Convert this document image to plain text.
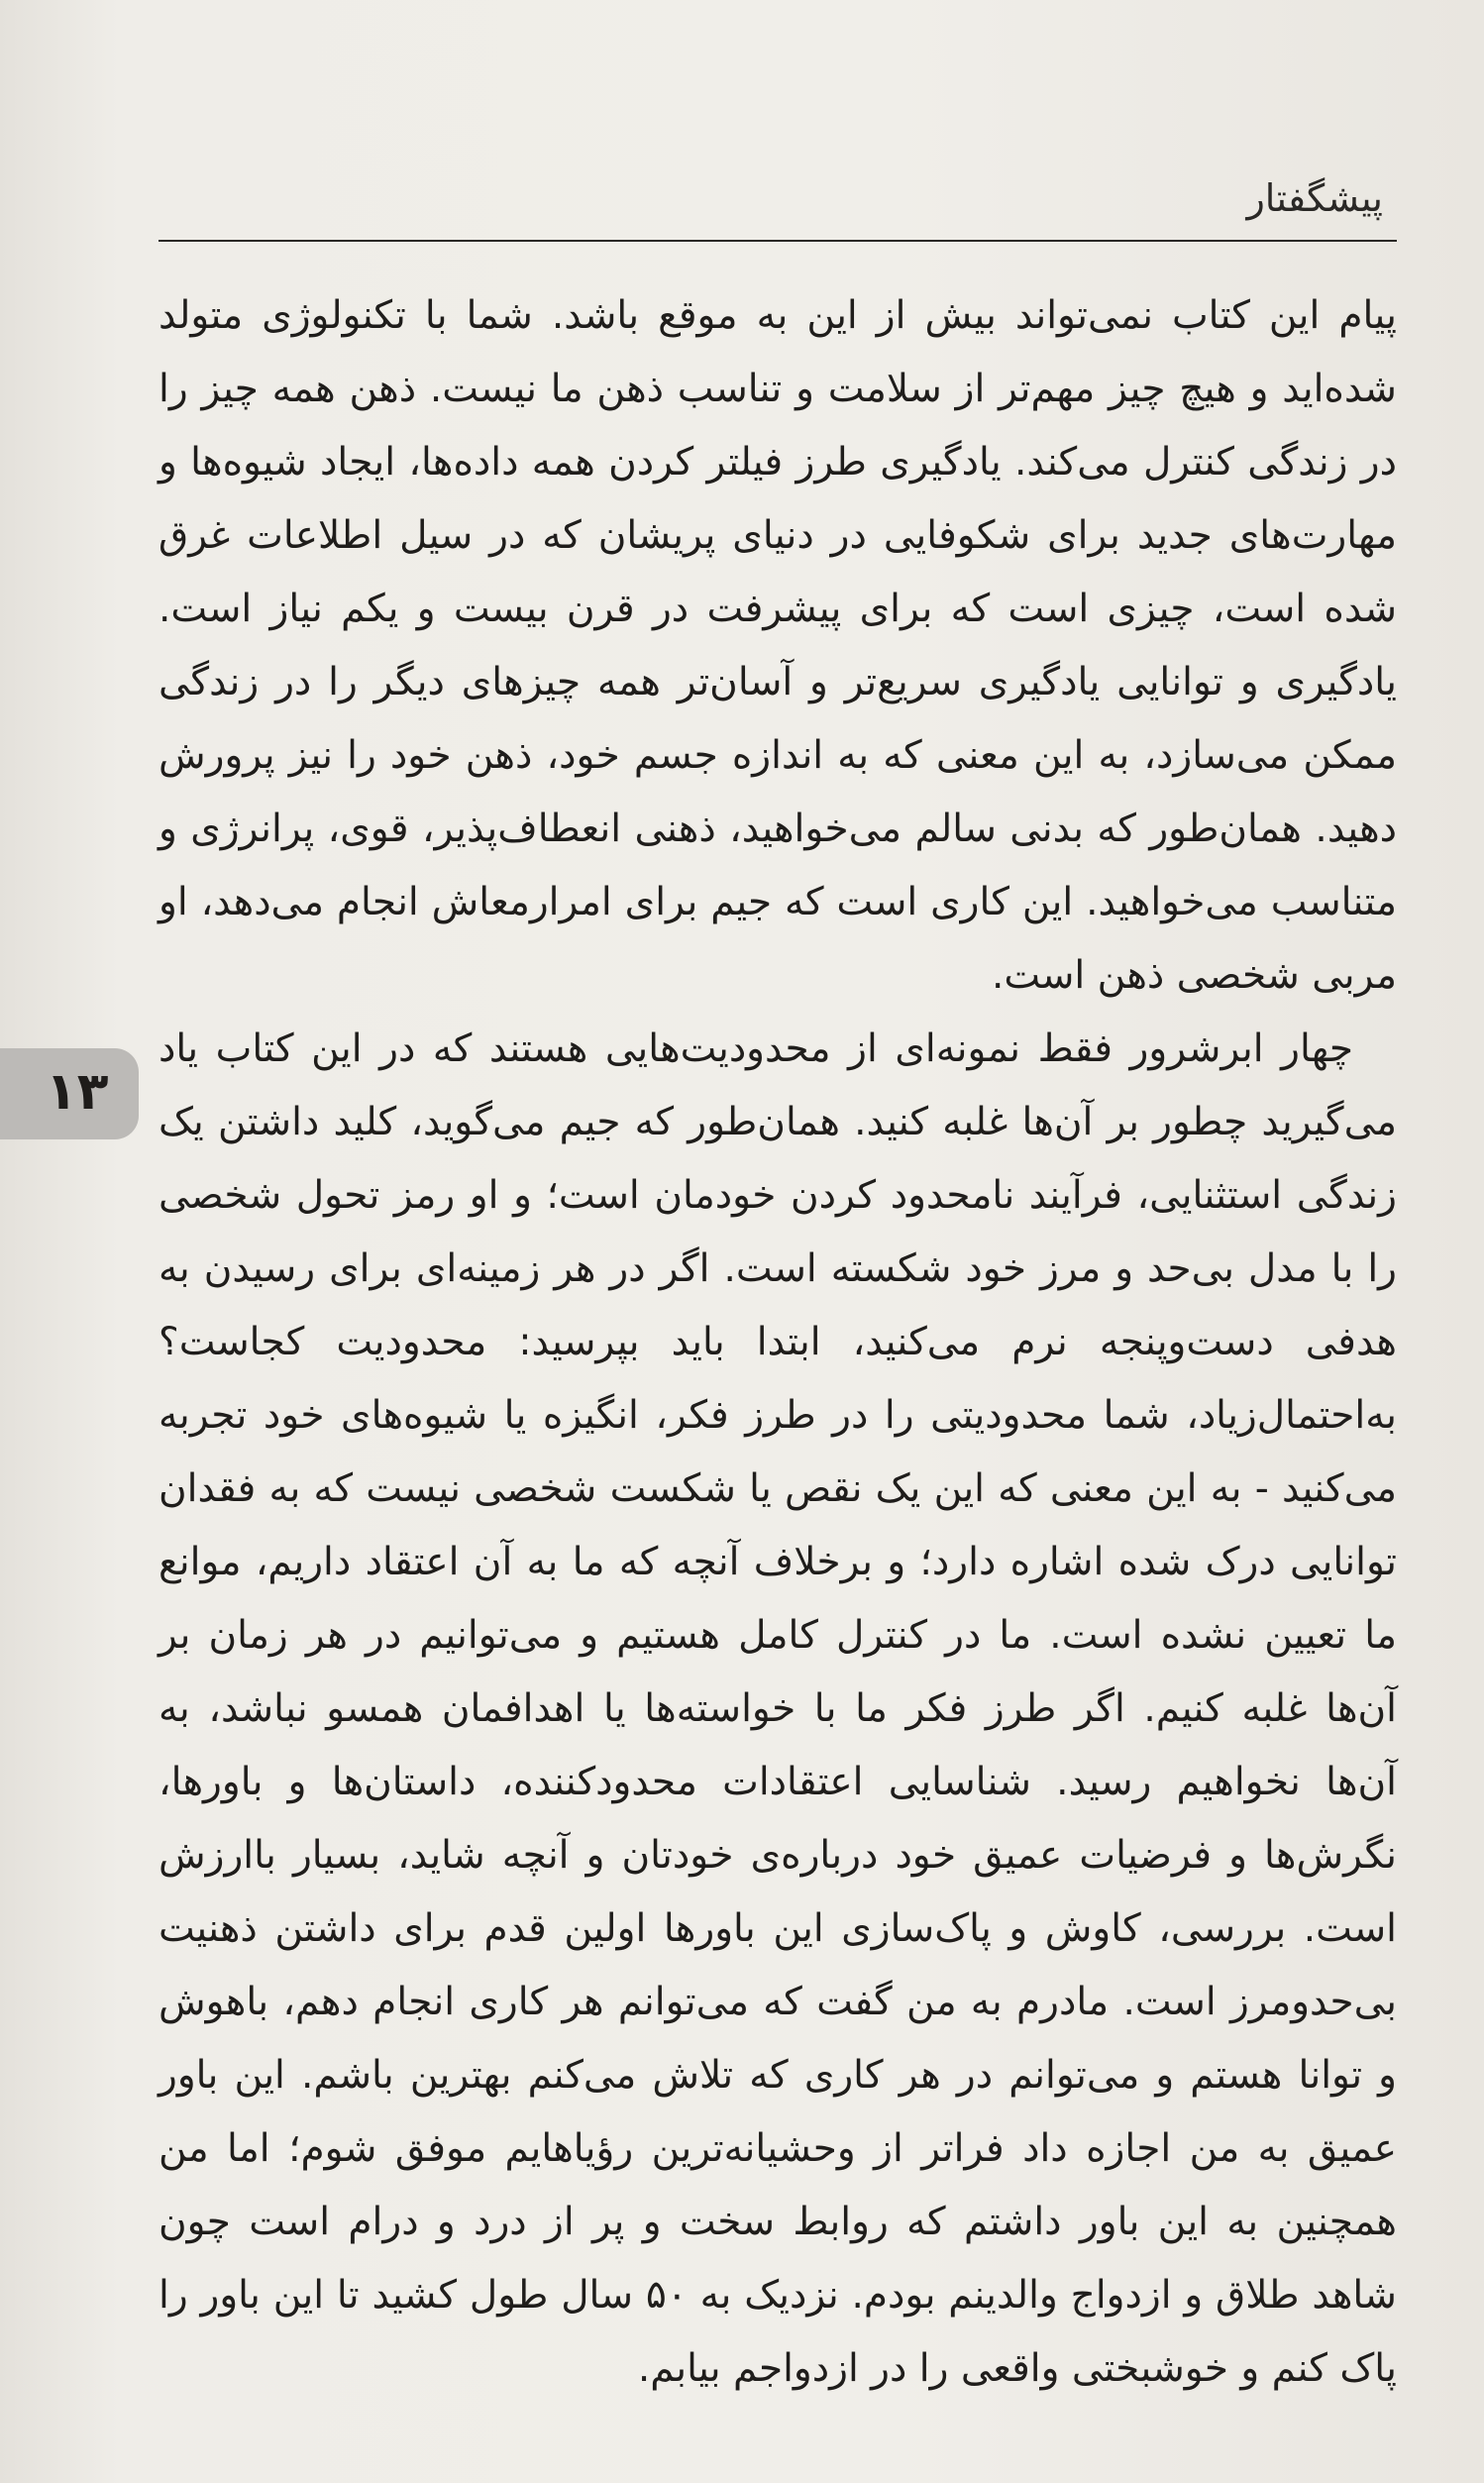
پیشگفتار
۱۳

پیام این کتاب نمی‌تواند بیش از این به موقع باشد. شما با تکنولوژی متولد شده‌اید و هیچ چیز مهم‌تر از سلامت و تناسب ذهن ما نیست. ذهن همه چیز را در زندگی کنترل می‌کند. یادگیری طرز فیلتر کردن همه داده‌ها، ایجاد شیوه‌ها و مهارت‌های جدید برای شکوفایی در دنیای پریشان که در سیل اطلاعات غرق شده است، چیزی است که برای پیشرفت در قرن بیست و یکم نیاز است. یادگیری و توانایی یادگیری سریع‌تر و آسان‌تر همه چیزهای دیگر را در زندگی ممکن می‌سازد، به این معنی که به اندازه جسم خود، ذهن خود را نیز پرورش دهید. همان‌طور که بدنی سالم می‌خواهید، ذهنی انعطاف‌پذیر، قوی، پرانرژی و متناسب می‌خواهید. این کاری است که جیم برای امرارمعاش انجام می‌دهد، او مربی شخصی ذهن است.

چهار ابرشرور فقط نمونه‌ای از محدودیت‌هایی هستند که در این کتاب یاد می‌گیرید چطور بر آن‌ها غلبه کنید. همان‌طور که جیم می‌گوید، کلید داشتن یک زندگی استثنایی، فرآیند نامحدود کردن خودمان است؛ و او رمز تحول شخصی را با مدل بی‌حد و مرز خود شکسته است. اگر در هر زمینه‌ای برای رسیدن به هدفی دست‌وپنجه نرم می‌کنید، ابتدا باید بپرسید: محدودیت کجاست؟ به‌احتمال‌زیاد، شما محدودیتی را در طرز فکر، انگیزه یا شیوه‌های خود تجربه می‌کنید - به این معنی که این یک نقص یا شکست شخصی نیست که به فقدان توانایی درک شده اشاره دارد؛ و برخلاف آنچه که ما به آن اعتقاد داریم، موانع ما تعیین نشده است. ما در کنترل کامل هستیم و می‌توانیم در هر زمان بر آن‌ها غلبه کنیم. اگر طرز فکر ما با خواسته‌ها یا اهدافمان همسو نباشد، به آن‌ها نخواهیم رسید. شناسایی اعتقادات محدودکننده، داستان‌ها و باورها، نگرش‌ها و فرضیات عمیق خود درباره‌ی خودتان و آنچه شاید، بسیار باارزش است. بررسی، کاوش و پاک‌سازی این باورها اولین قدم برای داشتن ذهنیت بی‌حدومرز است. مادرم به من گفت که می‌توانم هر کاری انجام دهم، باهوش و توانا هستم و می‌توانم در هر کاری که تلاش می‌کنم بهترین باشم. این باور عمیق به من اجازه داد فراتر از وحشیانه‌ترین رؤیاهایم موفق شوم؛ اما من همچنین به این باور داشتم که روابط سخت و پر از درد و درام است چون شاهد طلاق و ازدواج والدینم بودم. نزدیک به ۵۰ سال طول کشید تا این باور را پاک کنم و خوشبختی واقعی را در ازدواجم بیابم.
